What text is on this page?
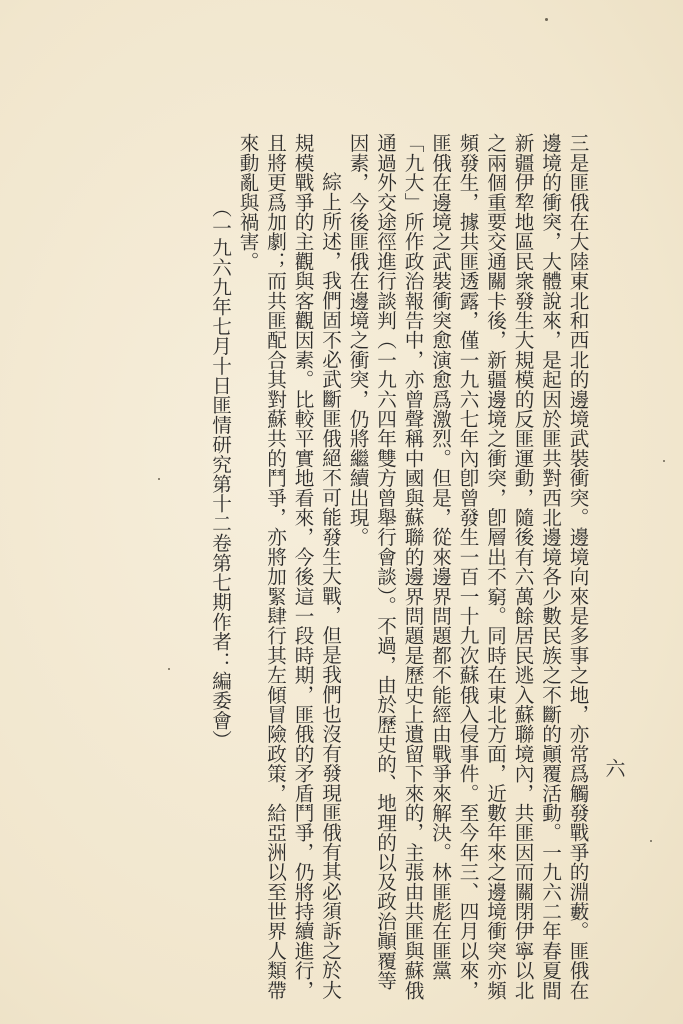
六

三是匪俄在大陸東北和西北的邊境武裝衝突。邊境向來是多事之地，亦常爲觸發戰爭的淵藪。匪俄在邊境的衝突，大體說來，是起因於匪共對西北邊境各少數民族之不斷的顚覆活動。一九六二年春夏間新疆伊犂地區民衆發生大規模的反匪運動，隨後有六萬餘居民逃入蘇聯境內，共匪因而關閉伊寧以北之兩個重要交通關卡後，新疆邊境之衝突，卽層出不窮。同時在東北方面，近數年來之邊境衝突亦頻頻發生，據共匪透露，僅一九六七年內卽曾發生一百一十九次蘇俄入侵事件。至今年三、四月以來，匪俄在邊境之武裝衝突愈演愈爲激烈。但是，從來邊界問題都不能經由戰爭來解決。林匪彪在匪黨「九大」所作政治報告中，亦曾聲稱中國與蘇聯的邊界問題是歷史上遺留下來的，主張由共匪與蘇俄通過外交途徑進行談判（一九六四年雙方曾舉行會談）。不過，由於歷史的、地理的以及政治顚覆等因素，今後匪俄在邊境之衝突，仍將繼續出現。

綜上所述，我們固不必武斷匪俄絕不可能發生大戰，但是我們也沒有發現匪俄有其必須訴之於大規模戰爭的主觀與客觀因素。比較平實地看來，今後這一段時期，匪俄的矛盾鬥爭，仍將持續進行，且將更爲加劇；而共匪配合其對蘇共的鬥爭，亦將加緊肆行其左傾冒險政策，給亞洲以至世界人類帶來動亂與禍害。

（一九六九年七月十日匪情研究第十二卷第七期作者：編委會）
